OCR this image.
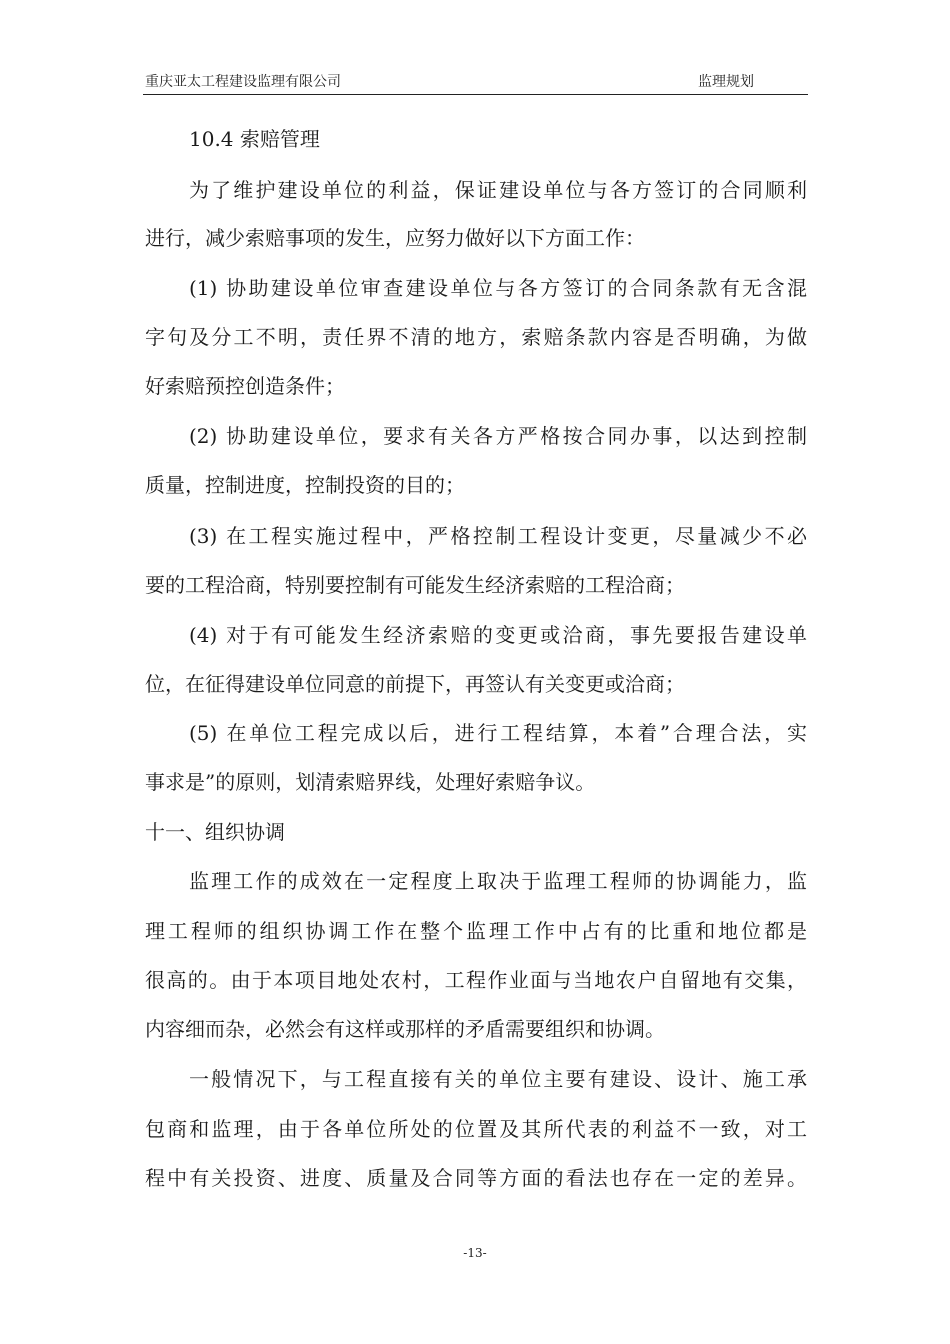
重庆亚太工程建设监理有限公司	监理规划
10.4 索赔管理
为了维护建设单位的利益，保证建设单位与各方签订的合同顺利
进行，减少索赔事项的发生，应努力做好以下方面工作：
(1) 协助建设单位审查建设单位与各方签订的合同条款有无含混
字句及分工不明，责任界不清的地方，索赔条款内容是否明确，为做
好索赔预控创造条件；
(2) 协助建设单位，要求有关各方严格按合同办事，以达到控制
质量，控制进度，控制投资的目的；
(3) 在工程实施过程中，严格控制工程设计变更，尽量减少不必
要的工程洽商，特别要控制有可能发生经济索赔的工程洽商；
(4) 对于有可能发生经济索赔的变更或洽商，事先要报告建设单
位，在征得建设单位同意的前提下，再签认有关变更或洽商；
(5) 在单位工程完成以后，进行工程结算，本着”合理合法，实
事求是”的原则，划清索赔界线，处理好索赔争议。
十一、组织协调
监理工作的成效在一定程度上取决于监理工程师的协调能力，监
理工程师的组织协调工作在整个监理工作中占有的比重和地位都是
很高的。由于本项目地处农村，工程作业面与当地农户自留地有交集，
内容细而杂，必然会有这样或那样的矛盾需要组织和协调。
一般情况下，与工程直接有关的单位主要有建设、设计、施工承
包商和监理，由于各单位所处的位置及其所代表的利益不一致，对工
程中有关投资、进度、质量及合同等方面的看法也存在一定的差异。
-13-
